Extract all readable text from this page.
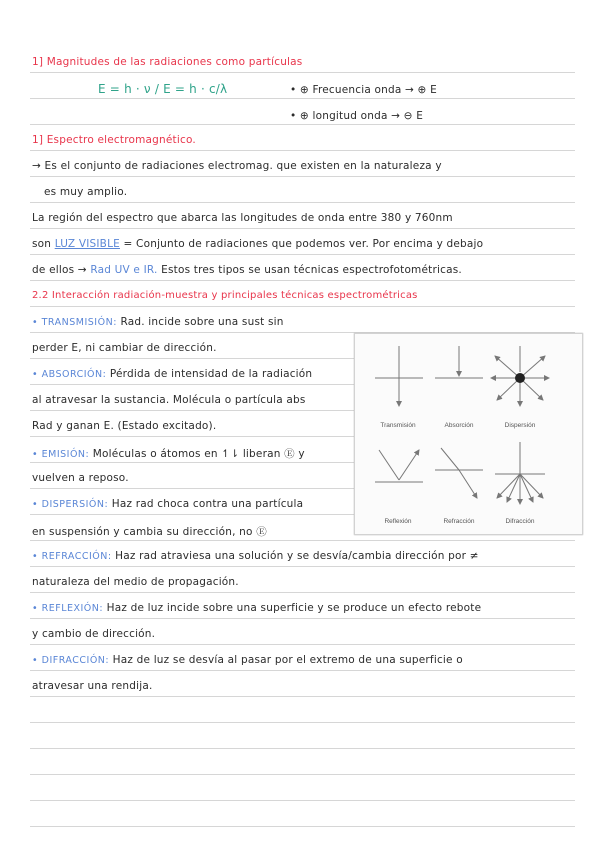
1] Magnitudes de las radiaciones como partículas
E = h · ν / E = h · c/λ	• ⊕ Frecuencia onda → ⊕ E
• ⊕ longitud onda → ⊖ E
1] Espectro electromagnético.
→ Es el conjunto de radiaciones electromag. que existen en la naturaleza y
es muy amplio.
La región del espectro que abarca las longitudes de onda entre 380 y 760nm
son LUZ VISIBLE = Conjunto de radiaciones que podemos ver. Por encima y debajo
de ellos → Rad UV e IR. Estos tres tipos se usan técnicas espectrofotométricas.
2.2 Interacción radiación-muestra y principales técnicas espectrométricas
• TRANSMISIÓN: Rad. incide sobre una sust sin
perder E, ni cambiar de dirección.
• ABSORCIÓN: Pérdida de intensidad de la radiación
al atravesar la sustancia. Molécula o partícula abs
Rad y ganan E. (Estado excitado).
• EMISIÓN: Moléculas o átomos en ↿⇂ liberan Ⓔ y
vuelven a reposo.
• DISPERSIÓN: Haz rad choca contra una partícula
en suspensión y cambia su dirección, no Ⓔ
• REFRACCIÓN: Haz rad atraviesa una solución y se desvía/cambia dirección por ≠
naturaleza del medio de propagación.
• REFLEXIÓN: Haz de luz incide sobre una superficie y se produce un efecto rebote
y cambio de dirección.
• DIFRACCIÓN: Haz de luz se desvía al pasar por el extremo de una superficie o
atravesar una rendija.
Transmisión	Absorción	Dispersión
Reflexión	Refracción	Difracción
